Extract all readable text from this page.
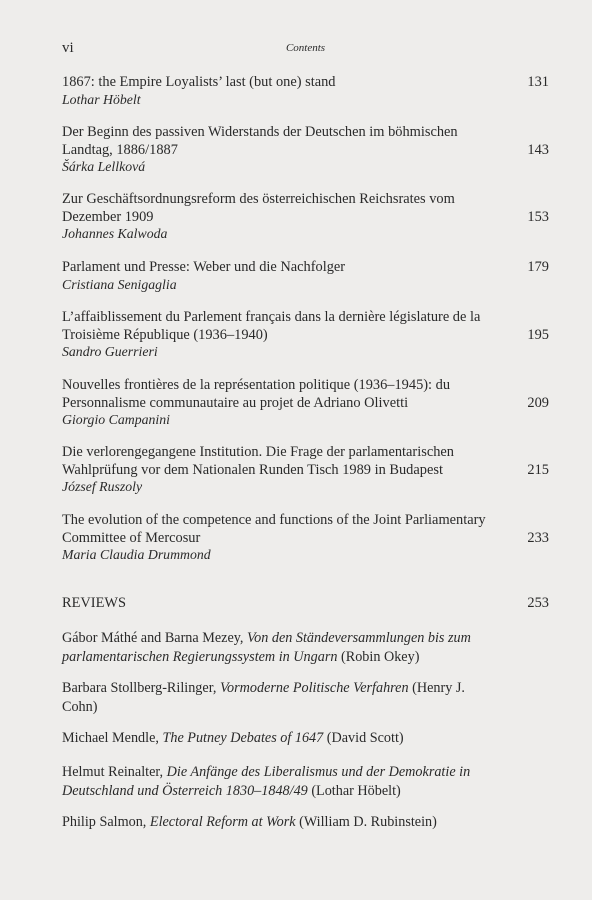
vi	Contents
1867: the Empire Loyalists’ last (but one) stand	131
Lothar Höbelt
Der Beginn des passiven Widerstands der Deutschen im böhmischen
Landtag, 1886/1887	143
Šárka Lellková
Zur Geschäftsordnungsreform des österreichischen Reichsrates vom
Dezember 1909	153
Johannes Kalwoda
Parlament und Presse: Weber und die Nachfolger	179
Cristiana Senigaglia
L’affaiblissement du Parlement français dans la dernière législature de la
Troisième République (1936–1940)	195
Sandro Guerrieri
Nouvelles frontières de la représentation politique (1936–1945): du
Personnalisme communautaire au projet de Adriano Olivetti	209
Giorgio Campanini
Die verlorengegangene Institution. Die Frage der parlamentarischen
Wahlprüfung vor dem Nationalen Runden Tisch 1989 in Budapest	215
József Ruszoly
The evolution of the competence and functions of the Joint Parliamentary
Committee of Mercosur	233
Maria Claudia Drummond
REVIEWS	253
Gábor Máthé and Barna Mezey, Von den Ständeversammlungen bis zum
parlamentarischen Regierungssystem in Ungarn (Robin Okey)
Barbara Stollberg-Rilinger, Vormoderne Politische Verfahren (Henry J.
Cohn)
Michael Mendle, The Putney Debates of 1647 (David Scott)
Helmut Reinalter, Die Anfänge des Liberalismus und der Demokratie in
Deutschland und Österreich 1830–1848/49 (Lothar Höbelt)
Philip Salmon, Electoral Reform at Work (William D. Rubinstein)
